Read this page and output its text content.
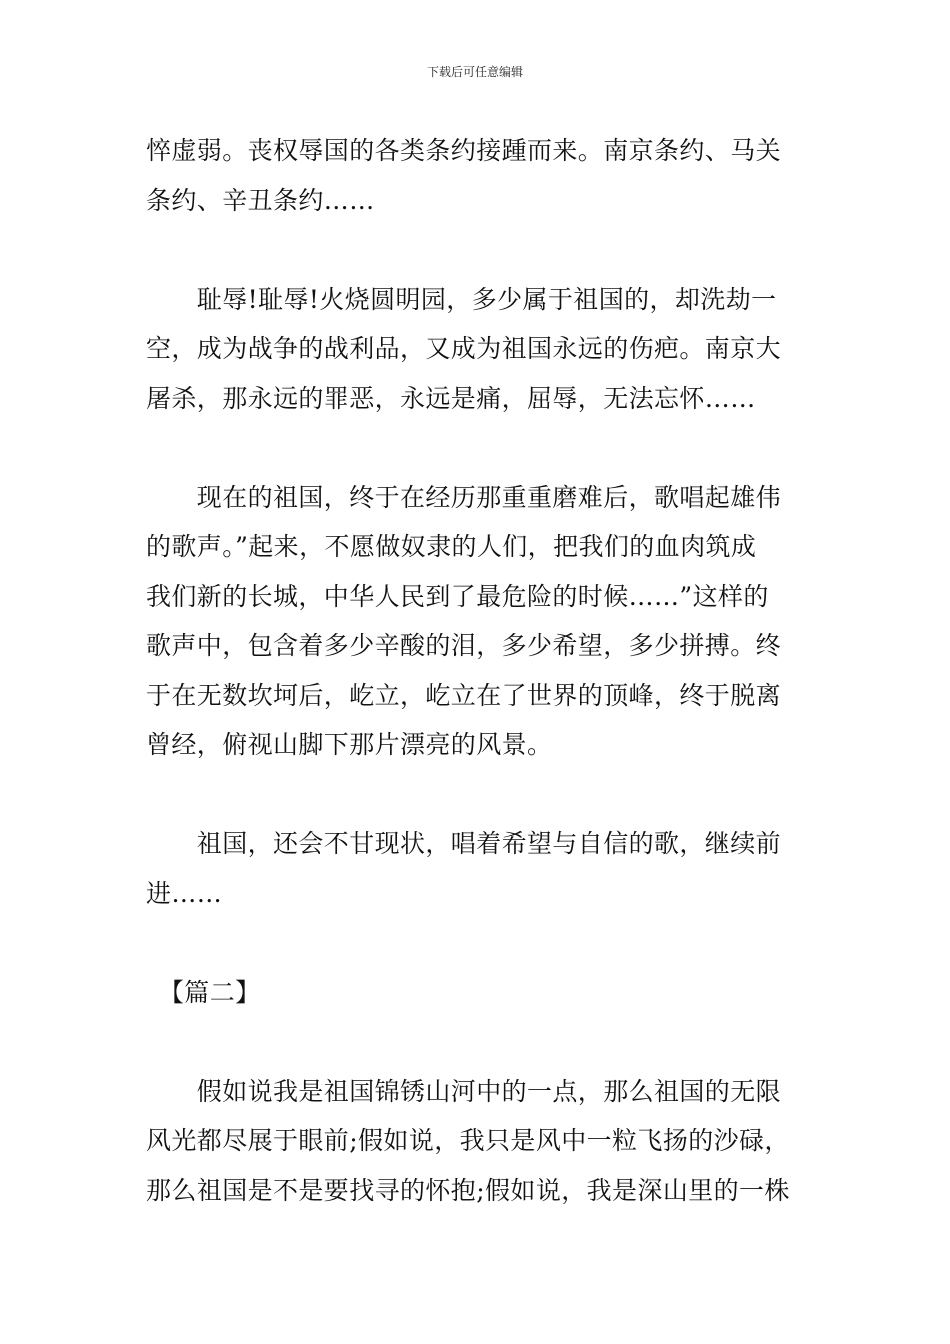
下载后可任意编辑

悴虚弱。丧权辱国的各类条约接踵而来。南京条约、马关
条约、辛丑条约……

　　耻辱!耻辱!火烧圆明园，多少属于祖国的，却洗劫一
空，成为战争的战利品，又成为祖国永远的伤疤。南京大
屠杀，那永远的罪恶，永远是痛，屈辱，无法忘怀……

　　现在的祖国，终于在经历那重重磨难后，歌唱起雄伟
的歌声。”起来，不愿做奴隶的人们，把我们的血肉筑成
我们新的长城，中华人民到了最危险的时候……”这样的
歌声中，包含着多少辛酸的泪，多少希望，多少拼搏。终
于在无数坎坷后，屹立，屹立在了世界的顶峰，终于脱离
曾经，俯视山脚下那片漂亮的风景。

　　祖国，还会不甘现状，唱着希望与自信的歌，继续前
进……

　【篇二】

　　假如说我是祖国锦锈山河中的一点，那么祖国的无限
风光都尽展于眼前;假如说，我只是风中一粒飞扬的沙碌，
那么祖国是不是要找寻的怀抱;假如说，我是深山里的一株
